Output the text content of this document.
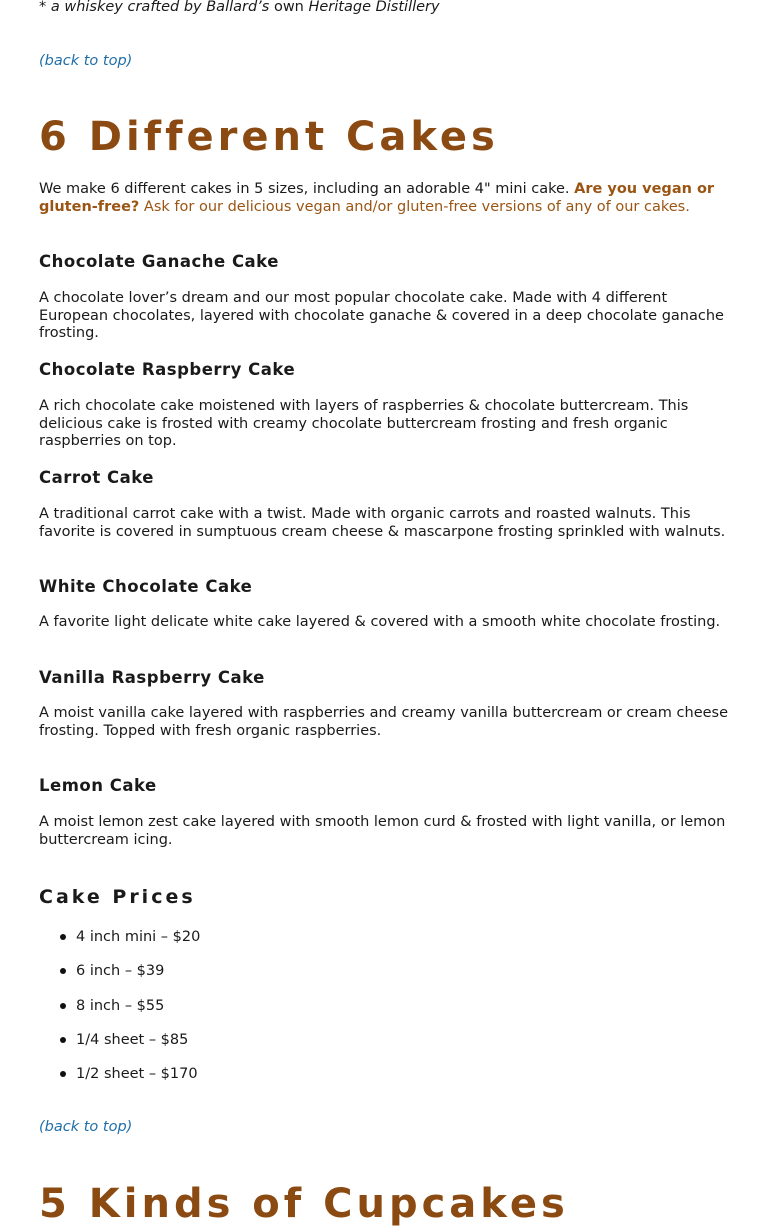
* a whiskey crafted by Ballard’s own Heritage Distillery
(back to top)
6 Different Cakes

We make 6 different cakes in 5 sizes, including an adorable 4" mini cake. Are you vegan or gluten-free? Ask for our delicious vegan and/or gluten-free versions of any of our cakes.

Chocolate Ganache Cake

A chocolate lover’s dream and our most popular chocolate cake. Made with 4 different European chocolates, layered with chocolate ganache & covered in a deep chocolate ganache frosting.

Chocolate Raspberry Cake

A rich chocolate cake moistened with layers of raspberries & chocolate buttercream. This delicious cake is frosted with creamy chocolate buttercream frosting and fresh organic raspberries on top.

Carrot Cake

A traditional carrot cake with a twist. Made with organic carrots and roasted walnuts. This favorite is covered in sumptuous cream cheese & mascarpone frosting sprinkled with walnuts.

White Chocolate Cake

A favorite light delicate white cake layered & covered with a smooth white chocolate frosting.

Vanilla Raspberry Cake

A moist vanilla cake layered with raspberries and creamy vanilla buttercream or cream cheese frosting. Topped with fresh organic raspberries.

Lemon Cake

A moist lemon zest cake layered with smooth lemon curd & frosted with light vanilla, or lemon buttercream icing.

Cake Prices
4 inch mini – $20
6 inch – $39
8 inch – $55
1/4 sheet – $85
1/2 sheet – $170
(back to top)
5 Kinds of Cupcakes
